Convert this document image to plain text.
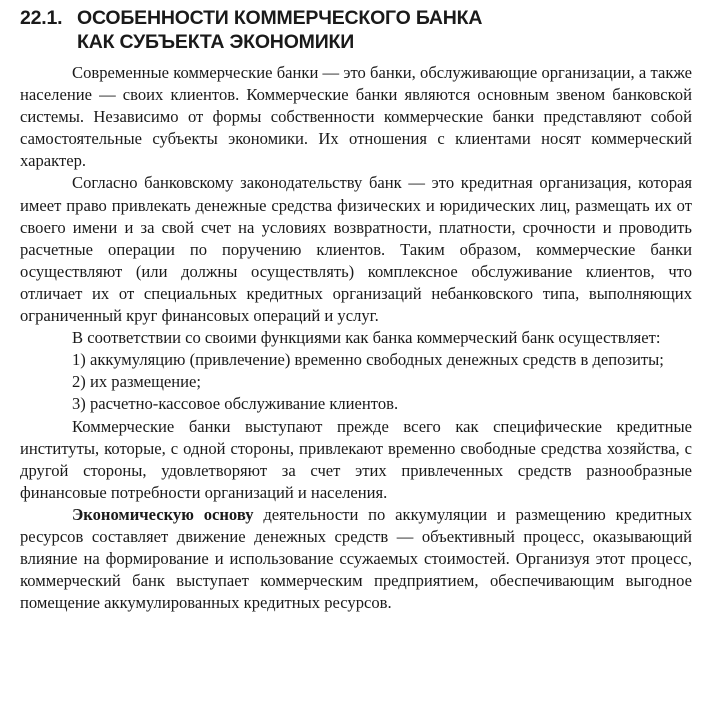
22.1. ОСОБЕННОСТИ КОММЕРЧЕСКОГО БАНКА
КАК СУБЪЕКТА ЭКОНОМИКИ

Современные коммерческие банки — это банки, обслуживающие организации, а также население — своих клиентов. Коммерческие банки являются основным звеном банковской системы. Независимо от формы собственности коммерческие банки представляют собой самостоятельные субъекты экономики. Их отношения с клиентами носят коммерческий характер.

Согласно банковскому законодательству банк — это кредитная организация, которая имеет право привлекать денежные средства физических и юридических лиц, размещать их от своего имени и за свой счет на условиях возвратности, платности, срочности и проводить расчетные операции по поручению клиентов. Таким образом, коммерческие банки осуществляют (или должны осуществлять) комплексное обслуживание клиентов, что отличает их от специальных кредитных организаций небанковского типа, выполняющих ограниченный круг финансовых операций и услуг.

В соответствии со своими функциями как банка коммерческий банк осуществляет:

1) аккумуляцию (привлечение) временно свободных денежных средств в депозиты;

2) их размещение;

3) расчетно-кассовое обслуживание клиентов.

Коммерческие банки выступают прежде всего как специфические кредитные институты, которые, с одной стороны, привлекают временно свободные средства хозяйства, с другой стороны, удовлетворяют за счет этих привлеченных средств разнообразные финансовые потребности организаций и населения.

Экономическую основу деятельности по аккумуляции и размещению кредитных ресурсов составляет движение денежных средств — объективный процесс, оказывающий влияние на формирование и использование ссужаемых стоимостей. Организуя этот процесс, коммерческий банк выступает коммерческим предприятием, обеспечивающим выгодное помещение аккумулированных кредитных ресурсов.
